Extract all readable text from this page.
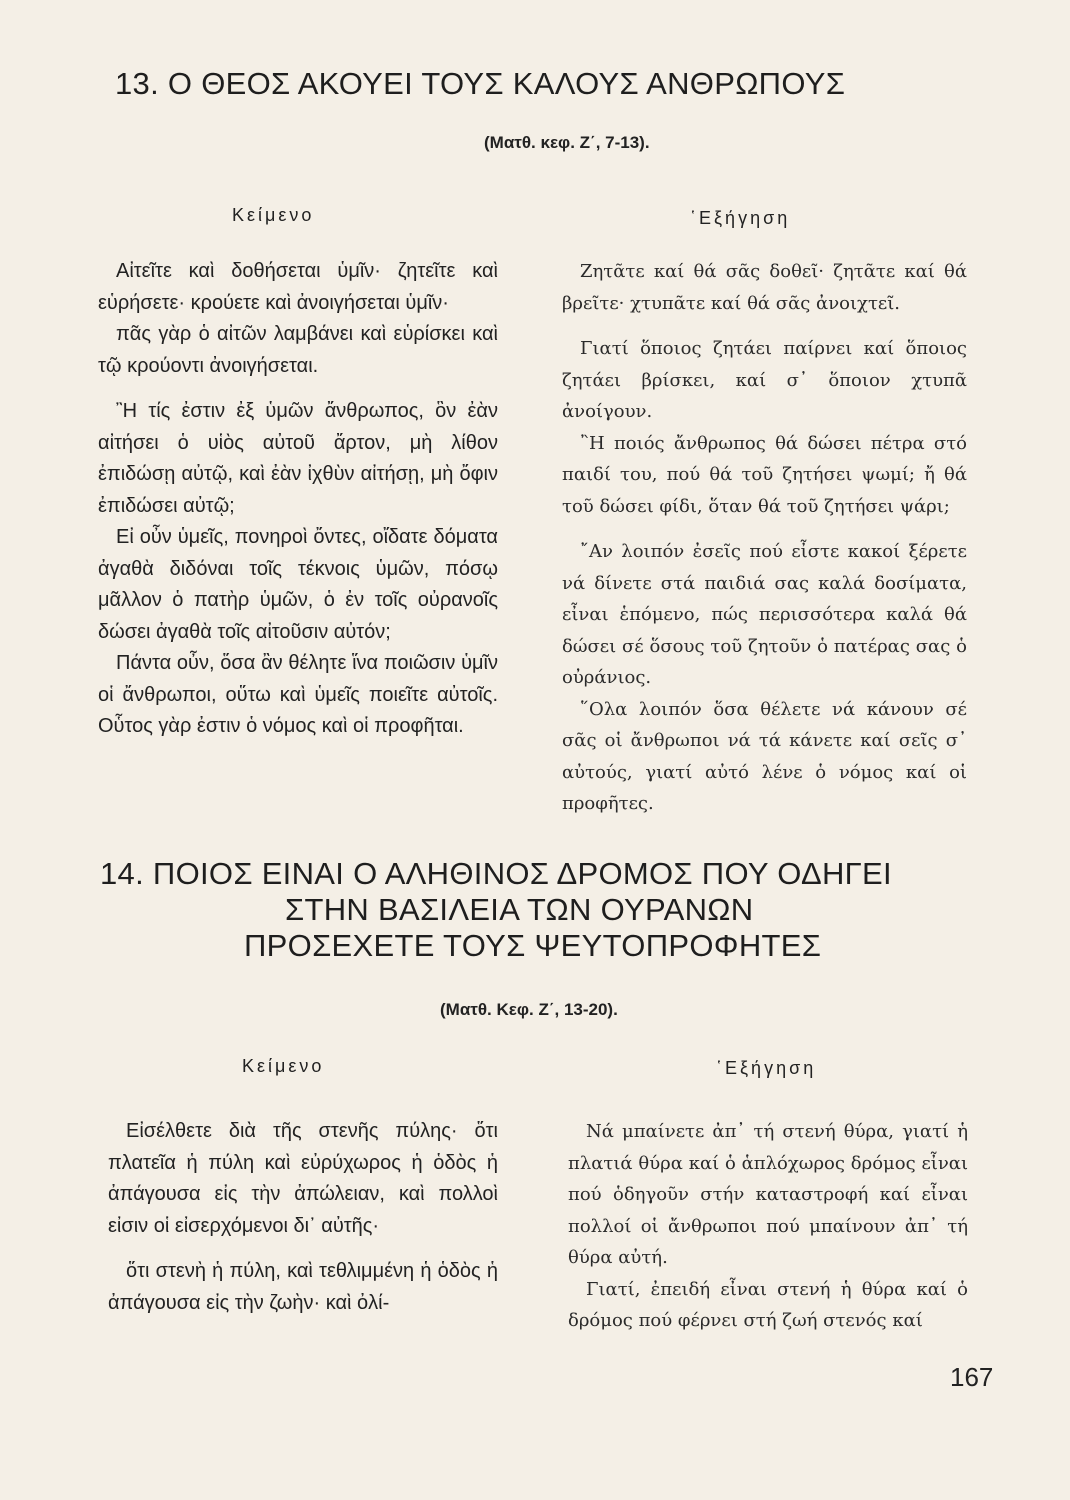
13. Ο ΘΕΟΣ ΑΚΟΥΕΙ ΤΟΥΣ ΚΑΛΟΥΣ ΑΝΘΡΩΠΟΥΣ

(Ματθ. κεφ. Ζ΄, 7-13).

Κείμενο	῾Εξήγηση

Αἰτεῖτε καὶ δοθήσεται ὑμῖν· ζητεῖτε καὶ εὑρήσετε· κρούετε καὶ ἀνοιγήσεται ὑμῖν·

πᾶς γὰρ ὁ αἰτῶν λαμβάνει καὶ εὑρίσκει καὶ τῷ κρούοντι ἀνοιγήσεται.

῍Η τίς ἐστιν ἐξ ὑμῶν ἄνθρωπος, ὃν ἐὰν αἰτήσει ὁ υἱὸς αὐτοῦ ἄρτον, μὴ λίθον ἐπιδώσῃ αὐτῷ, καὶ ἐὰν ἰχθὺν αἰτήσῃ, μὴ ὄφιν ἐπιδώσει αὐτῷ;

Εἰ οὖν ὑμεῖς, πονηροὶ ὄντες, οἴδατε δόματα ἀγαθὰ διδόναι τοῖς τέκνοις ὑμῶν, πόσῳ μᾶλλον ὁ πατὴρ ὑμῶν, ὁ ἐν τοῖς οὐρανοῖς δώσει ἀγαθὰ τοῖς αἰτοῦσιν αὐτόν;

Πάντα οὖν, ὅσα ἂν θέλητε ἵνα ποιῶσιν ὑμῖν οἱ ἄνθρωποι, οὕτω καὶ ὑμεῖς ποιεῖτε αὐτοῖς. Οὗτος γὰρ ἐστιν ὁ νόμος καὶ οἱ προφῆται.

Ζητᾶτε καί θά σᾶς δοθεῖ· ζητᾶτε καί θά βρεῖτε· χτυπᾶτε καί θά σᾶς ἀνοιχτεῖ.

Γιατί ὅποιος ζητάει παίρνει καί ὅποιος ζητάει βρίσκει, καί σ᾿ ὅποιον χτυπᾶ ἀνοίγουν.

῍Η ποιός ἄνθρωπος θά δώσει πέτρα στό παιδί του, πού θά τοῦ ζητήσει ψωμί; ἤ θά τοῦ δώσει φίδι, ὅταν θά τοῦ ζητήσει ψάρι;

῎Αν λοιπόν ἐσεῖς πού εἶστε κακοί ξέρετε νά δίνετε στά παιδιά σας καλά δοσίματα, εἶναι ἑπόμενο, πώς περισσότερα καλά θά δώσει σέ ὅσους τοῦ ζητοῦν ὁ πατέρας σας ὁ οὐράνιος.

῞Ολα λοιπόν ὅσα θέλετε νά κάνουν σέ σᾶς οἱ ἄνθρωποι νά τά κάνετε καί σεῖς σ᾿ αὐτούς, γιατί αὐτό λένε ὁ νόμος καί οἱ προφῆτες.

14. ΠΟΙΟΣ ΕΙΝΑΙ Ο ΑΛΗΘΙΝΟΣ ΔΡΟΜΟΣ ΠΟΥ ΟΔΗΓΕΙ
ΣΤΗΝ ΒΑΣΙΛΕΙΑ ΤΩΝ ΟΥΡΑΝΩΝ
ΠΡΟΣΕΧΕΤΕ ΤΟΥΣ ΨΕΥΤΟΠΡΟΦΗΤΕΣ

(Ματθ. Κεφ. Ζ΄, 13-20).

Κείμενο	῾Εξήγηση

Εἰσέλθετε διὰ τῆς στενῆς πύλης· ὅτι πλατεῖα ἡ πύλη καὶ εὐρύχωρος ἡ ὁδὸς ἡ ἀπάγουσα εἰς τὴν ἀπώλειαν, καὶ πολλοὶ εἰσιν οἱ εἰσερχόμενοι δι᾿ αὐτῆς·

ὅτι στενὴ ἡ πύλη, καὶ τεθλιμμένη ἡ ὁδὸς ἡ ἀπάγουσα εἰς τὴν ζωὴν· καὶ ὀλί-

Νά μπαίνετε ἀπ᾿ τή στενή θύρα, γιατί ἡ πλατιά θύρα καί ὁ ἁπλόχωρος δρόμος εἶναι πού ὁδηγοῦν στήν καταστροφή καί εἶναι πολλοί οἱ ἄνθρωποι πού μπαίνουν ἀπ᾿ τή θύρα αὐτή.

Γιατί, ἐπειδή εἶναι στενή ἡ θύρα καί ὁ δρόμος πού φέρνει στή ζωή στενός καί

167
